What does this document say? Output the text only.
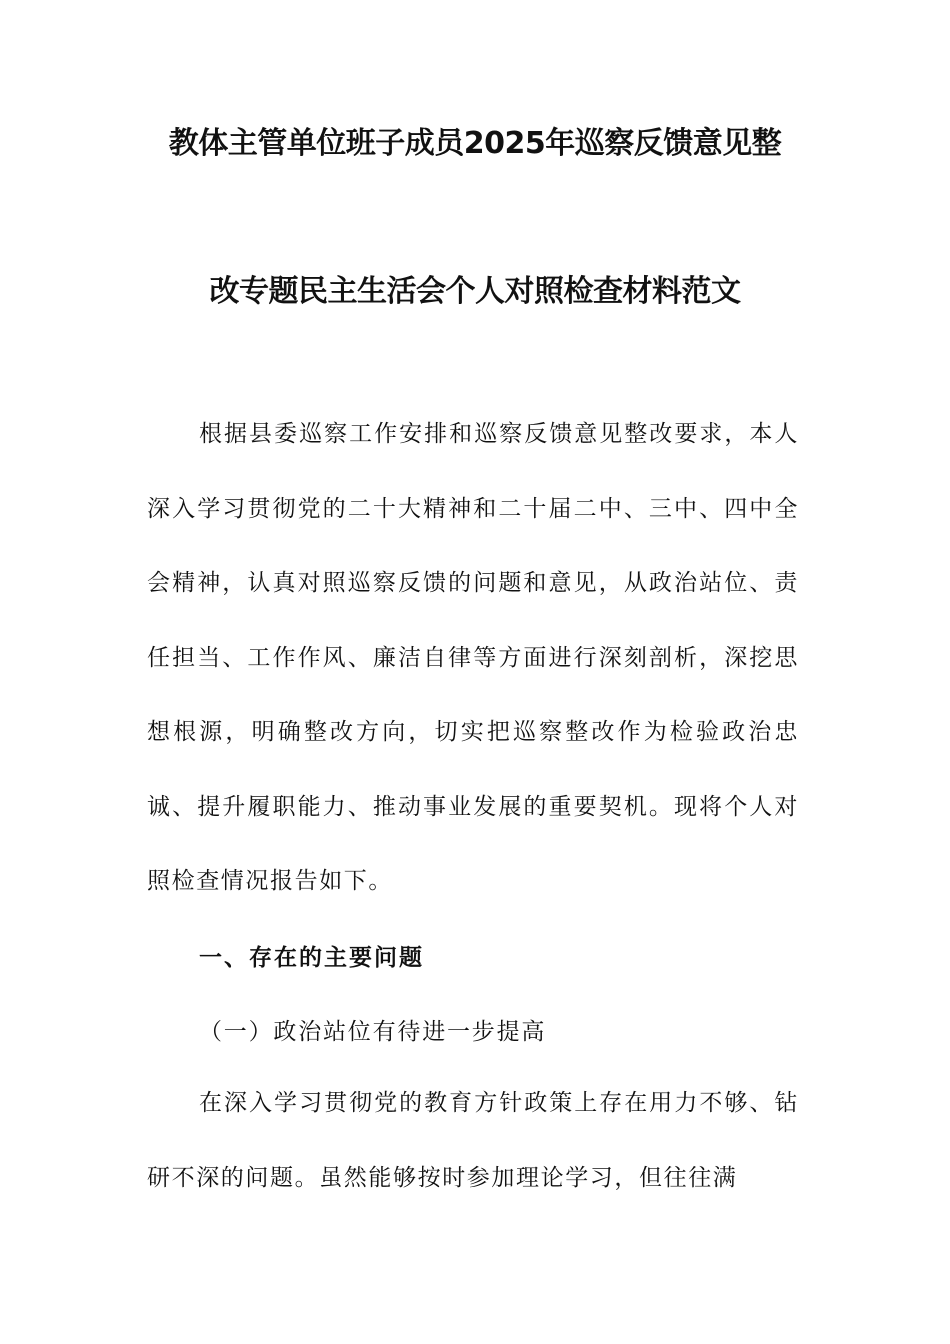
教体主管单位班子成员2025年巡察反馈意见整
改专题民主生活会个人对照检查材料范文

根据县委巡察工作安排和巡察反馈意见整改要求，本人深入学习贯彻党的二十大精神和二十届二中、三中、四中全会精神，认真对照巡察反馈的问题和意见，从政治站位、责任担当、工作作风、廉洁自律等方面进行深刻剖析，深挖思想根源，明确整改方向，切实把巡察整改作为检验政治忠诚、提升履职能力、推动事业发展的重要契机。现将个人对照检查情况报告如下。

一、存在的主要问题

（一）政治站位有待进一步提高

在深入学习贯彻党的教育方针政策上存在用力不够、钻研不深的问题。虽然能够按时参加理论学习，但往往满
